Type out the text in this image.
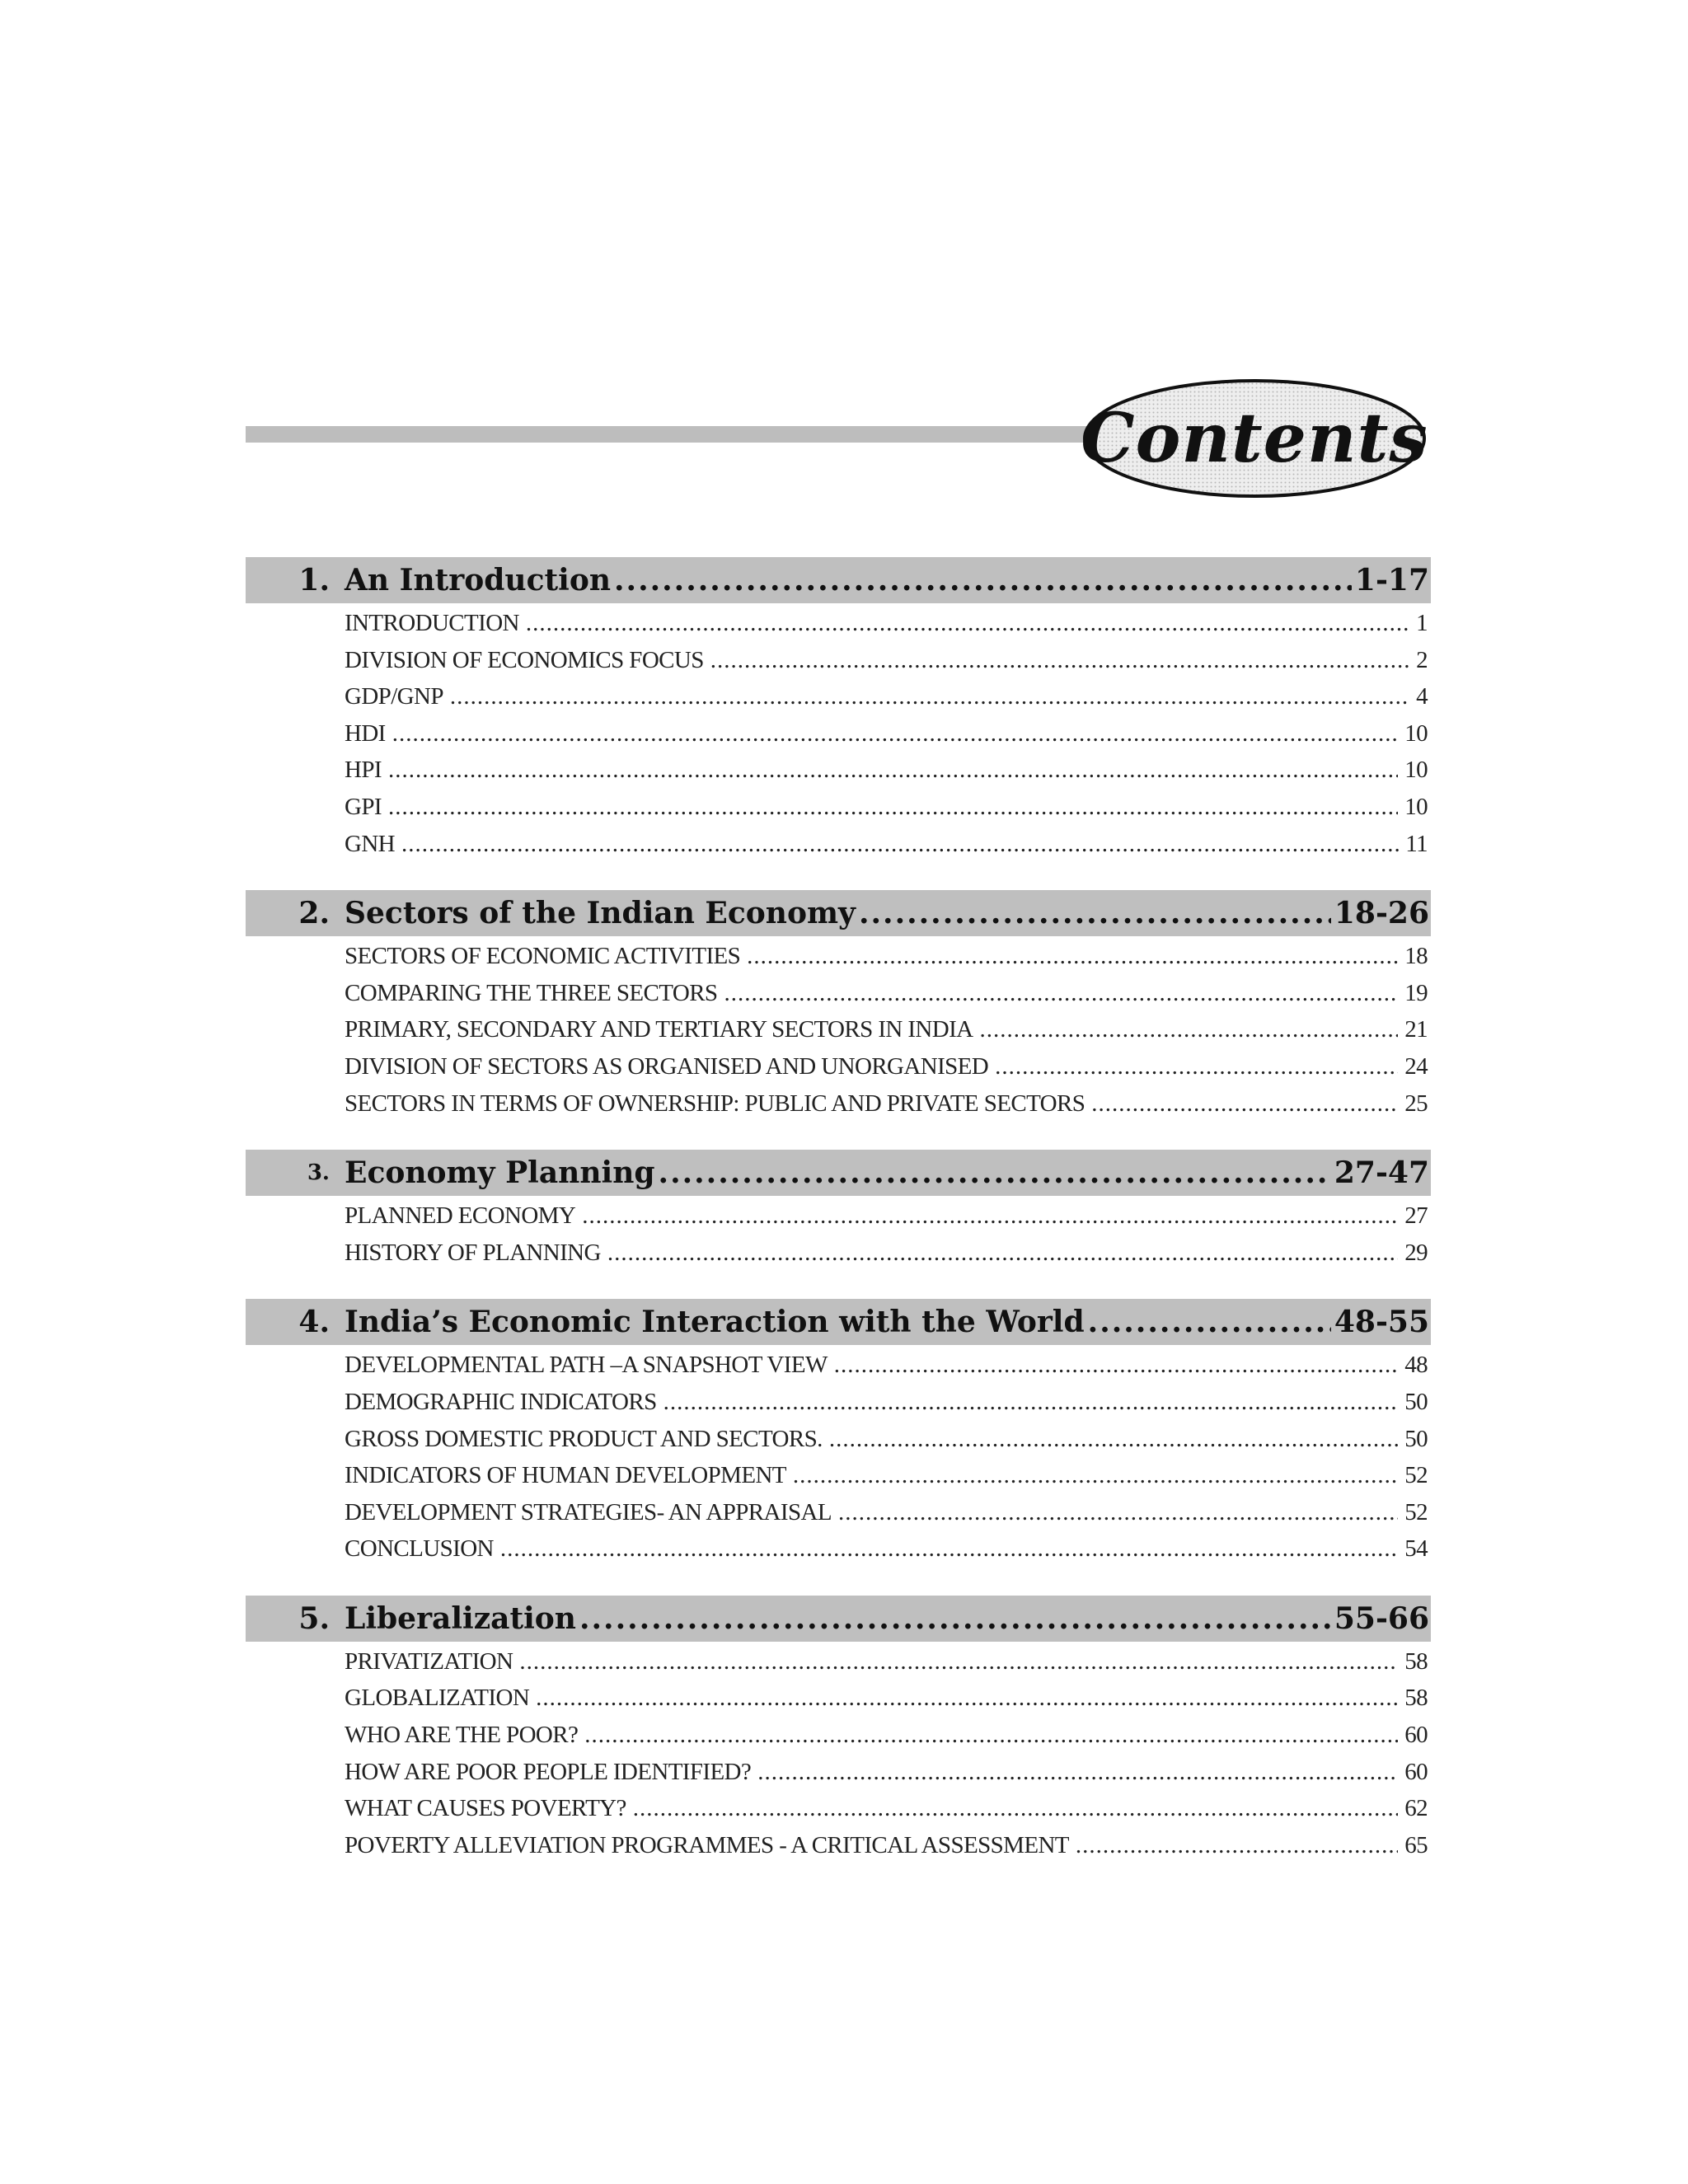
Contents
1. An Introduction .....	1-17
INTRODUCTION .....	1
DIVISION OF ECONOMICS FOCUS .....	2
GDP/GNP .....	4
HDI .....	10
HPI .....	10
GPI .....	10
GNH .....	11
2. Sectors of the Indian Economy .....	18-26
SECTORS OF ECONOMIC ACTIVITIES .....	18
COMPARING THE THREE SECTORS .....	19
PRIMARY, SECONDARY AND TERTIARY SECTORS IN INDIA .....	21
DIVISION OF SECTORS AS ORGANISED AND UNORGANISED .....	24
SECTORS IN TERMS OF OWNERSHIP: PUBLIC AND PRIVATE SECTORS .....	25
3. Economy Planning .....	27-47
PLANNED ECONOMY .....	27
HISTORY OF PLANNING .....	29
4. India’s Economic Interaction with the World .....	48-55
DEVELOPMENTAL PATH –A SNAPSHOT VIEW .....	48
DEMOGRAPHIC INDICATORS .....	50
GROSS DOMESTIC PRODUCT AND SECTORS. .....	50
INDICATORS OF HUMAN DEVELOPMENT .....	52
DEVELOPMENT STRATEGIES- AN APPRAISAL .....	52
CONCLUSION .....	54
5. Liberalization .....	55-66
PRIVATIZATION .....	58
GLOBALIZATION .....	58
WHO ARE THE POOR? .....	60
HOW ARE POOR PEOPLE IDENTIFIED? .....	60
WHAT CAUSES POVERTY? .....	62
POVERTY ALLEVIATION PROGRAMMES - A CRITICAL ASSESSMENT .....	65
